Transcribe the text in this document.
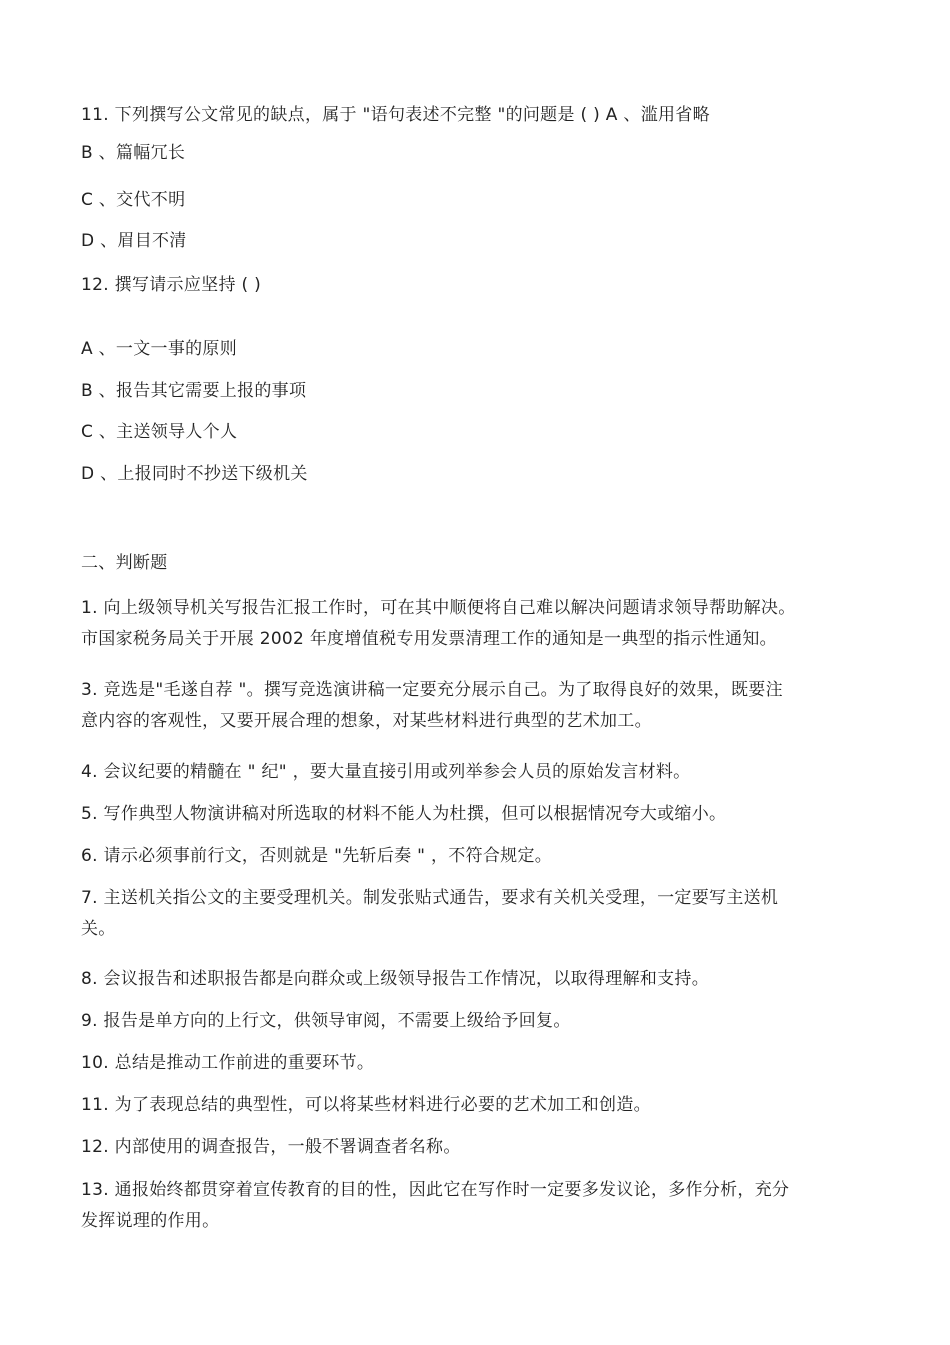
11. 下列撰写公文常见的缺点，属于 "语句表述不完整 "的问题是 ( ) A 、滥用省略
B 、篇幅冗长
C 、交代不明
D 、眉目不清
12. 撰写请示应坚持 ( )
A 、一文一事的原则
B 、报告其它需要上报的事项
C 、主送领导人个人
D 、上报同时不抄送下级机关
二、判断题
1. 向上级领导机关写报告汇报工作时，可在其中顺便将自己难以解决问题请求领导帮助解决。
市国家税务局关于开展 2002 年度增值税专用发票清理工作的通知是一典型的指示性通知。
3. 竞选是"毛遂自荐 "。撰写竞选演讲稿一定要充分展示自己。为了取得良好的效果，既要注
意内容的客观性，又要开展合理的想象，对某些材料进行典型的艺术加工。
4. 会议纪要的精髓在 " 纪" ，要大量直接引用或列举参会人员的原始发言材料。
5. 写作典型人物演讲稿对所选取的材料不能人为杜撰，但可以根据情况夸大或缩小。
6. 请示必须事前行文，否则就是 "先斩后奏 " ，不符合规定。
7. 主送机关指公文的主要受理机关。制发张贴式通告，要求有关机关受理，一定要写主送机
关。
8. 会议报告和述职报告都是向群众或上级领导报告工作情况，以取得理解和支持。
9. 报告是单方向的上行文，供领导审阅，不需要上级给予回复。
10. 总结是推动工作前进的重要环节。
11. 为了表现总结的典型性，可以将某些材料进行必要的艺术加工和创造。
12. 内部使用的调查报告，一般不署调查者名称。
13. 通报始终都贯穿着宣传教育的目的性，因此它在写作时一定要多发议论，多作分析，充分
发挥说理的作用。
